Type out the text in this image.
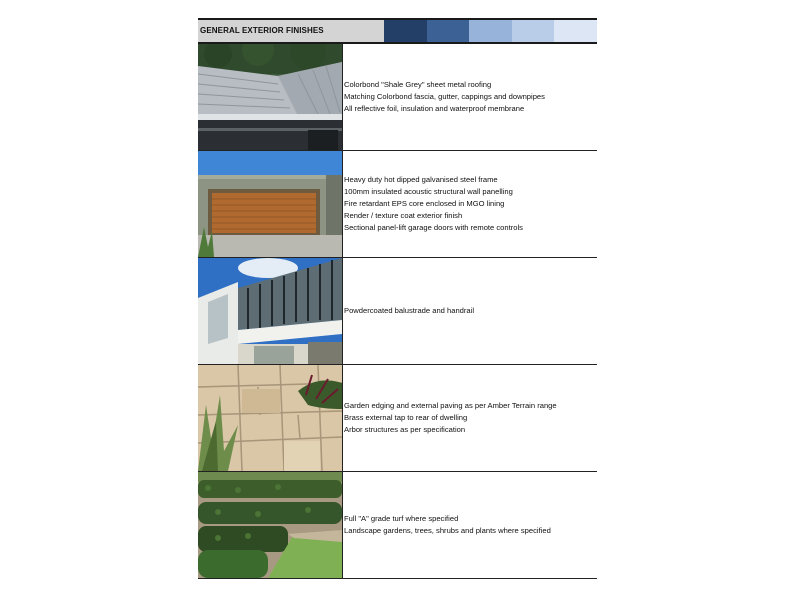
GENERAL EXTERIOR FINISHES
Colorbond "Shale Grey" sheet metal roofing
Matching Colorbond fascia, gutter, cappings and downpipes
All reflective foil, insulation and waterproof membrane
Heavy duty hot dipped galvanised steel frame
100mm insulated acoustic structural wall panelling
Fire retardant EPS core enclosed in MGO lining
Render / texture coat exterior finish
Sectional panel-lift garage doors with remote controls
Powdercoated balustrade and handrail
Garden edging and external paving as per Amber Terrain range
Brass external tap to rear of dwelling
Arbor structures as per specification
Full "A" grade turf where specified
Landscape gardens, trees, shrubs and plants where specified
